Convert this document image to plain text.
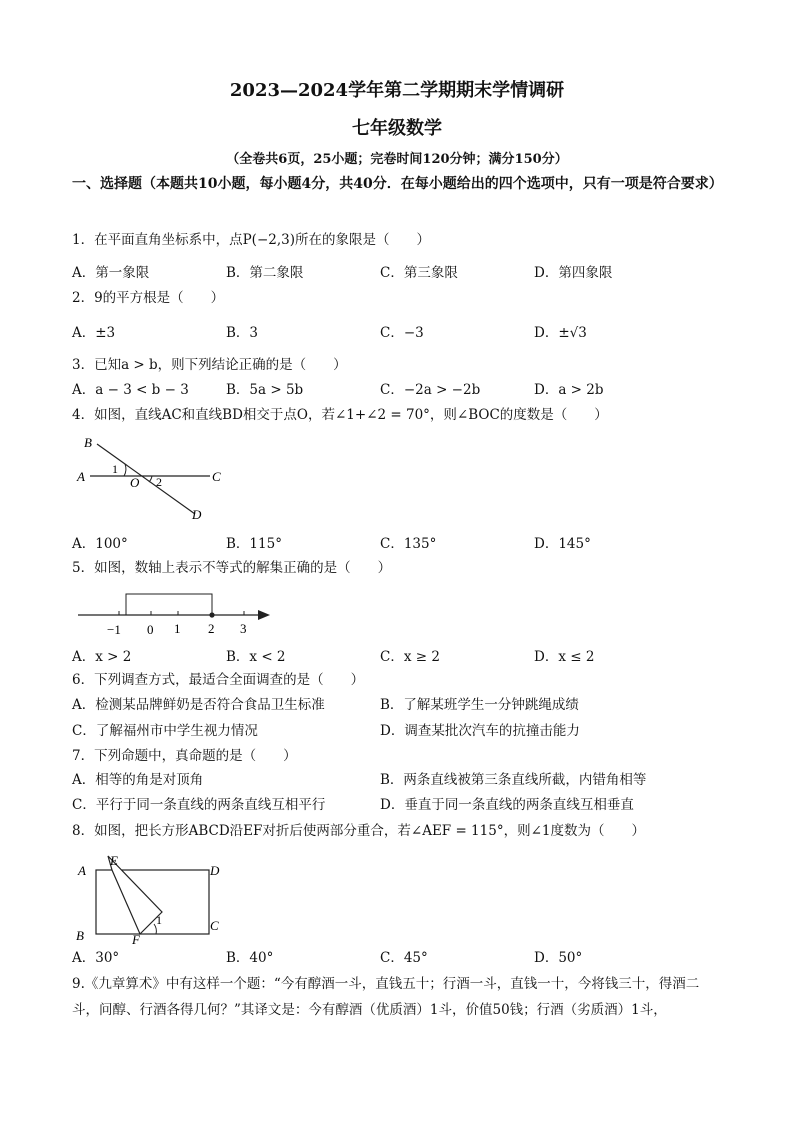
2023—2024学年第二学期期末学情调研
七年级数学
（全卷共6页，25小题；完卷时间120分钟；满分150分）
一、选择题（本题共10小题，每小题4分，共40分．在每小题给出的四个选项中，只有一项是符合要求）
1．在平面直角坐标系中，点P(−2,3)所在的象限是（　　）
A．第一象限	B．第二象限	C．第三象限	D．第四象限
2．9的平方根是（　　）
A．±3	B．3	C．−3	D．±√3
3．已知a > b，则下列结论正确的是（　　）
A．a − 3 < b − 3	B．5a > 5b	C．−2a > −2b	D．a > 2b
4．如图，直线AC和直线BD相交于点O，若∠1+∠2 = 70°，则∠BOC的度数是（　　）
B
A 1
O 2	C
D
A．100°	B．115°	C．135°	D．145°
5．如图，数轴上表示不等式的解集正确的是（　　）
−1 0 1 2 3
A．x > 2	B．x < 2	C．x ≥ 2	D．x ≤ 2
6．下列调查方式，最适合全面调查的是（　　）
A．检测某品牌鲜奶是否符合食品卫生标准	B．了解某班学生一分钟跳绳成绩
C．了解福州市中学生视力情况	D．调查某批次汽车的抗撞击能力
7．下列命题中，真命题的是（　　）
A．相等的角是对顶角	B．两条直线被第三条直线所截，内错角相等
C．平行于同一条直线的两条直线互相平行	D．垂直于同一条直线的两条直线互相垂直
8．如图，把长方形ABCD沿EF对折后使两部分重合，若∠AEF = 115°，则∠1度数为（　　）
A
E
D
1	C
B	F
A．30°	B．40°	C．45°	D．50°
9.《九章算术》中有这样一个题：“今有醇酒一斗，直钱五十；行酒一斗，直钱一十，今将钱三十，得酒二斗，问醇、行酒各得几何？”其译文是：今有醇酒（优质酒）1斗，价值50钱；行酒（劣质酒）1斗，
